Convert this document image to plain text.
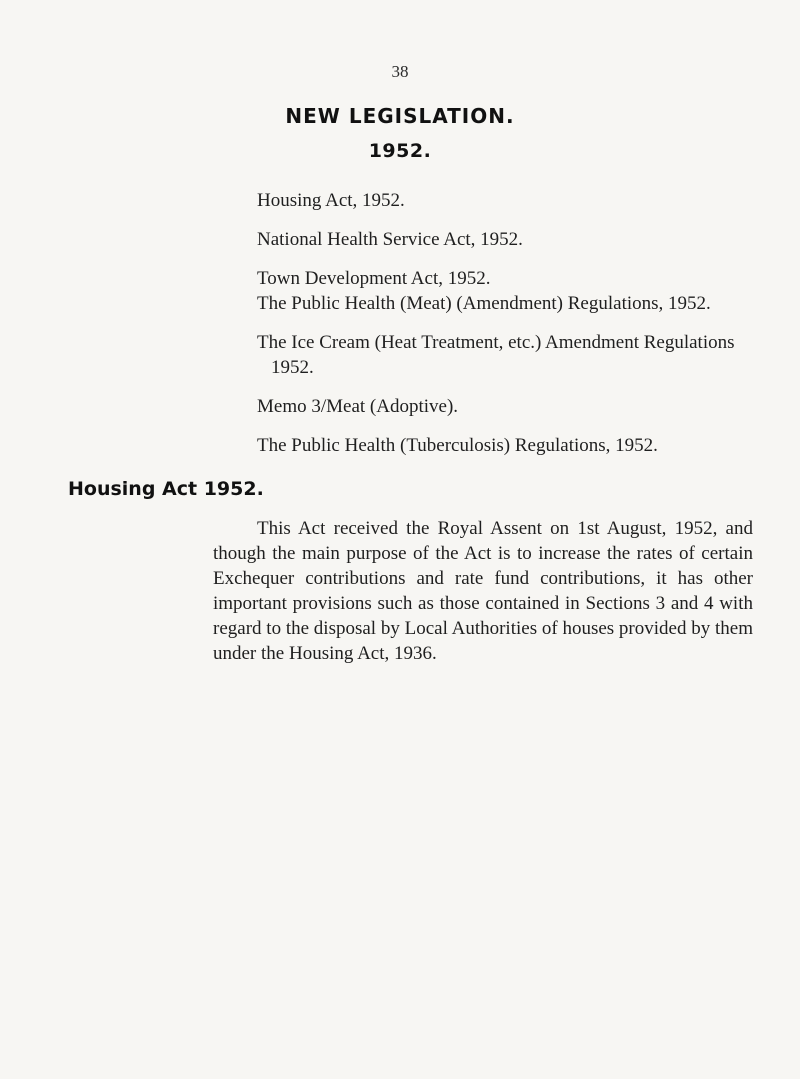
38
NEW LEGISLATION.
1952.
Housing Act, 1952.
National Health Service Act, 1952.
Town Development Act, 1952.
The Public Health (Meat) (Amendment) Regulations, 1952.
The Ice Cream (Heat Treatment, etc.) Amendment Regulations 1952.
Memo 3/Meat (Adoptive).
The Public Health (Tuberculosis) Regulations, 1952.
Housing Act 1952.

This Act received the Royal Assent on 1st August, 1952, and though the main purpose of the Act is to increase the rates of certain Exchequer contributions and rate fund contributions, it has other important provisions such as those contained in Sections 3 and 4 with regard to the disposal by Local Authorities of houses provided by them under the Housing Act, 1936.
